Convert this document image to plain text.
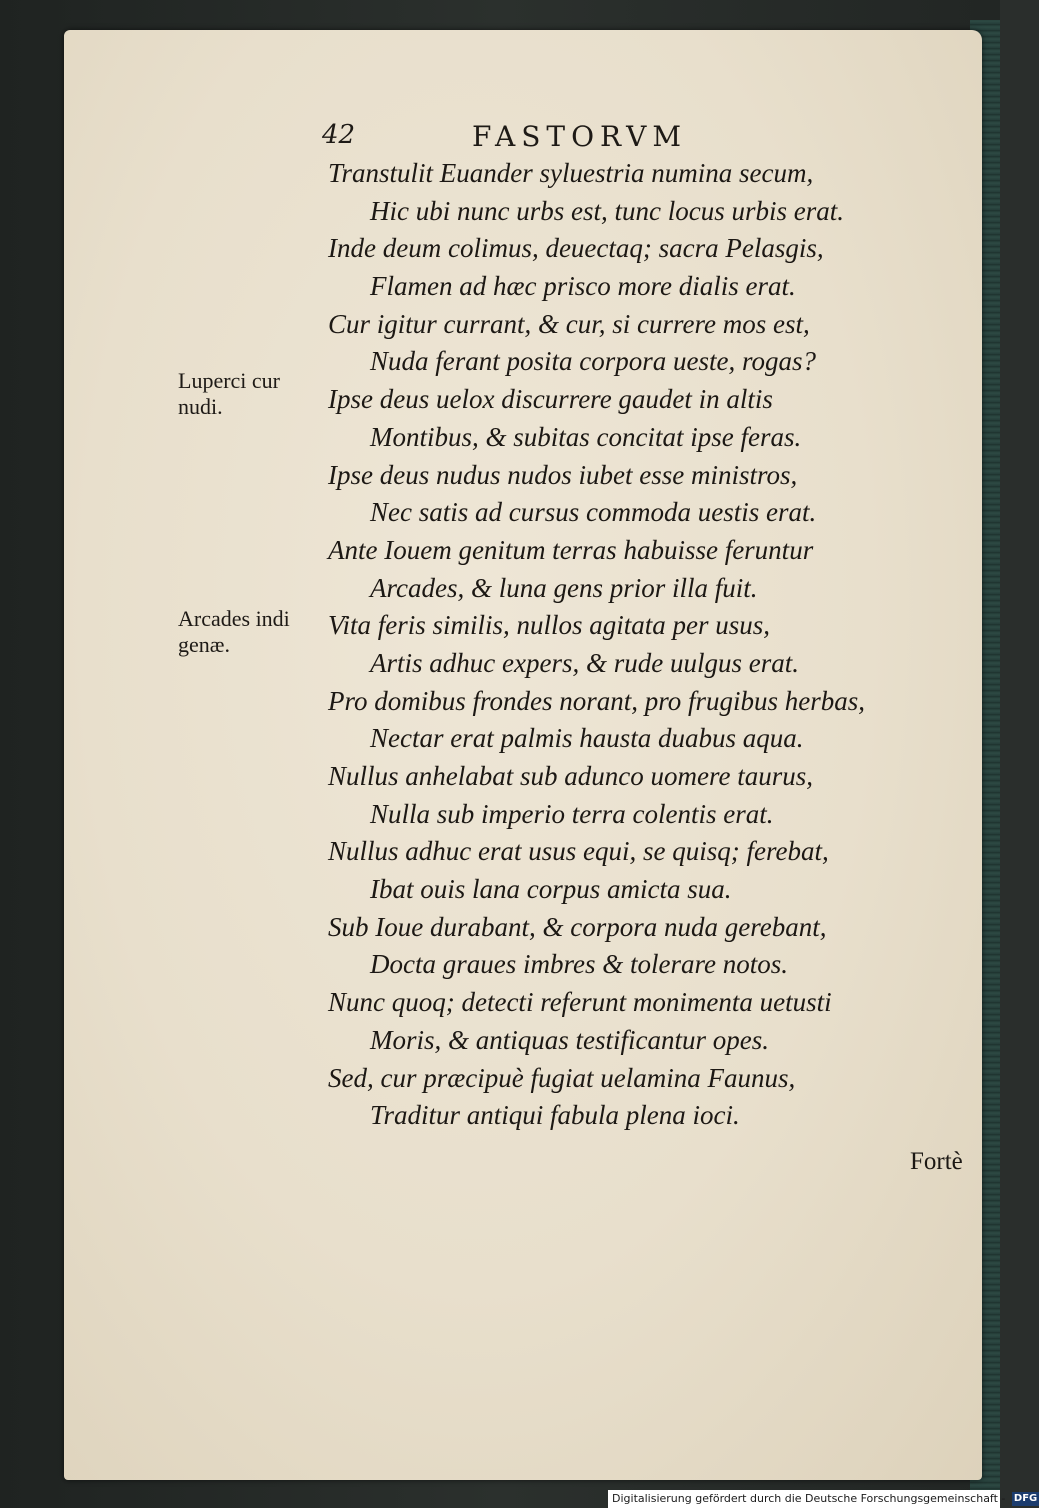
42	FASTORVM
Luperci cur
nudi.
Arcades indi
genæ.
Transtulit Euander syluestria numina secum,
Hic ubi nunc urbs est, tunc locus urbis erat.
Inde deum colimus, deuectaq; sacra Pelasgis,
Flamen ad hæc prisco more dialis erat.
Cur igitur currant, & cur, si currere mos est,
Nuda ferant posita corpora ueste, rogas?
Ipse deus uelox discurrere gaudet in altis
Montibus, & subitas concitat ipse feras.
Ipse deus nudus nudos iubet esse ministros,
Nec satis ad cursus commoda uestis erat.
Ante Iouem genitum terras habuisse feruntur
Arcades, & luna gens prior illa fuit.
Vita feris similis, nullos agitata per usus,
Artis adhuc expers, & rude uulgus erat.
Pro domibus frondes norant, pro frugibus herbas,
Nectar erat palmis hausta duabus aqua.
Nullus anhelabat sub adunco uomere taurus,
Nulla sub imperio terra colentis erat.
Nullus adhuc erat usus equi, se quisq; ferebat,
Ibat ouis lana corpus amicta sua.
Sub Ioue durabant, & corpora nuda gerebant,
Docta graues imbres & tolerare notos.
Nunc quoq; detecti referunt monimenta uetusti
Moris, & antiquas testificantur opes.
Sed, cur præcipuè fugiat uelamina Faunus,
Traditur antiqui fabula plena ioci.
Fortè
Digitalisierung gefördert durch die Deutsche Forschungsgemeinschaft - DFG
